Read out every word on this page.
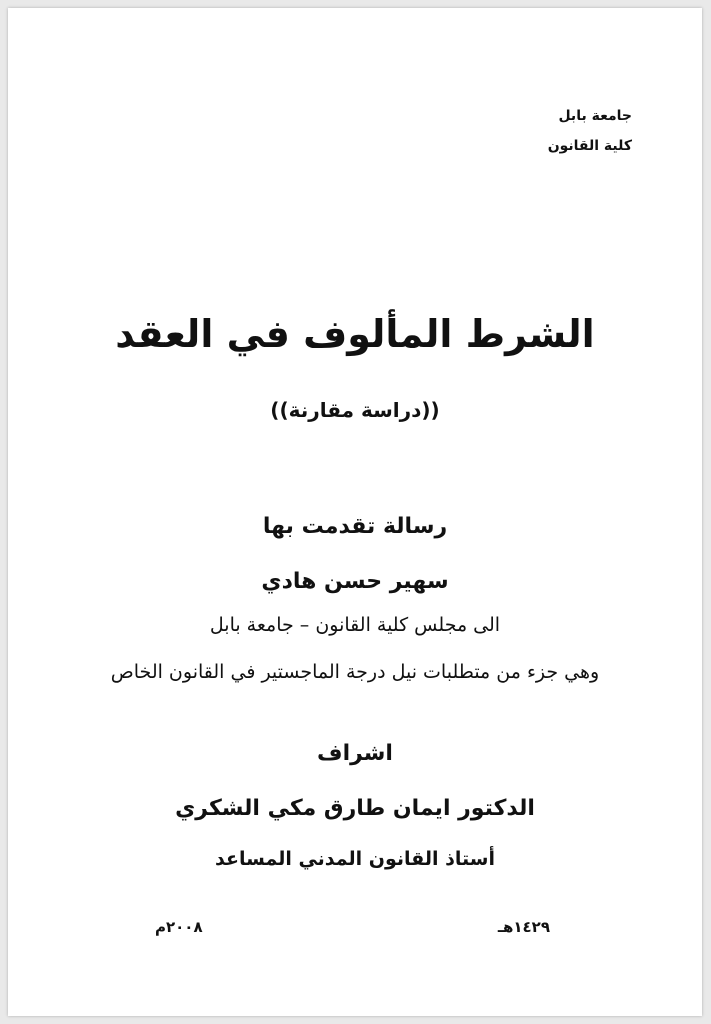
جامعة بابل
كلية القانون
الشرط المألوف في العقد
((دراسة مقارنة))
رسالة تقدمت بها
سهير حسن هادي
الى مجلس كلية القانون – جامعة بابل
وهي جزء من متطلبات نيل درجة الماجستير في القانون الخاص
اشراف
الدكتور ايمان طارق مكي الشكري
أستاذ القانون المدني المساعد
١٤٢٩هـ
٢٠٠٨م
